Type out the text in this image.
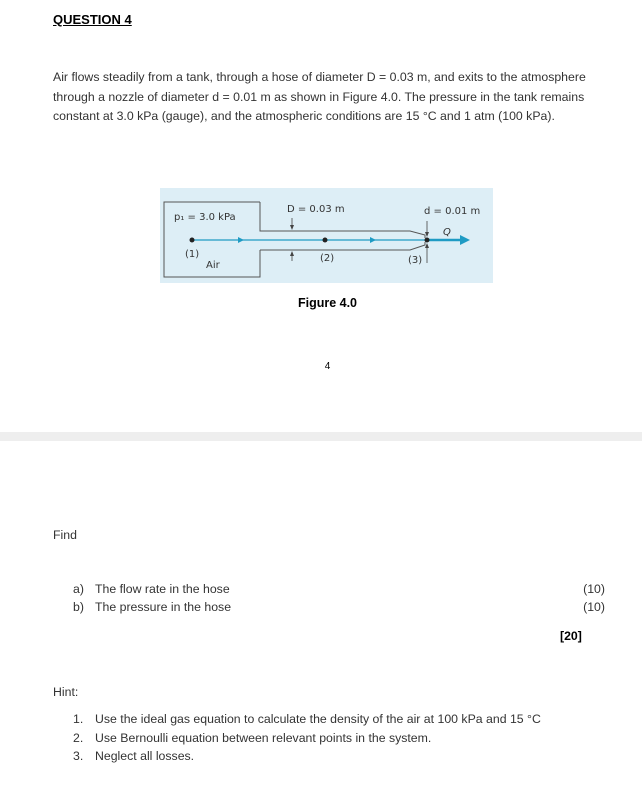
QUESTION 4
Air flows steadily from a tank, through a hose of diameter D = 0.03 m, and exits to the atmosphere through a nozzle of diameter d = 0.01 m as shown in Figure 4.0. The pressure in the tank remains constant at 3.0 kPa (gauge), and the atmospheric conditions are 15 °C and 1 atm (100 kPa).
p₁ = 3.0 kPa
D = 0.03 m	d = 0.01 m
Q
(1)
Air
(2)	(3)
Figure 4.0
4
Find
a) The flow rate in the hose	(10)
b) The pressure in the hose	(10)
[20]
Hint:
1. Use the ideal gas equation to calculate the density of the air at 100 kPa and 15 °C
2. Use Bernoulli equation between relevant points in the system.
3. Neglect all losses.
